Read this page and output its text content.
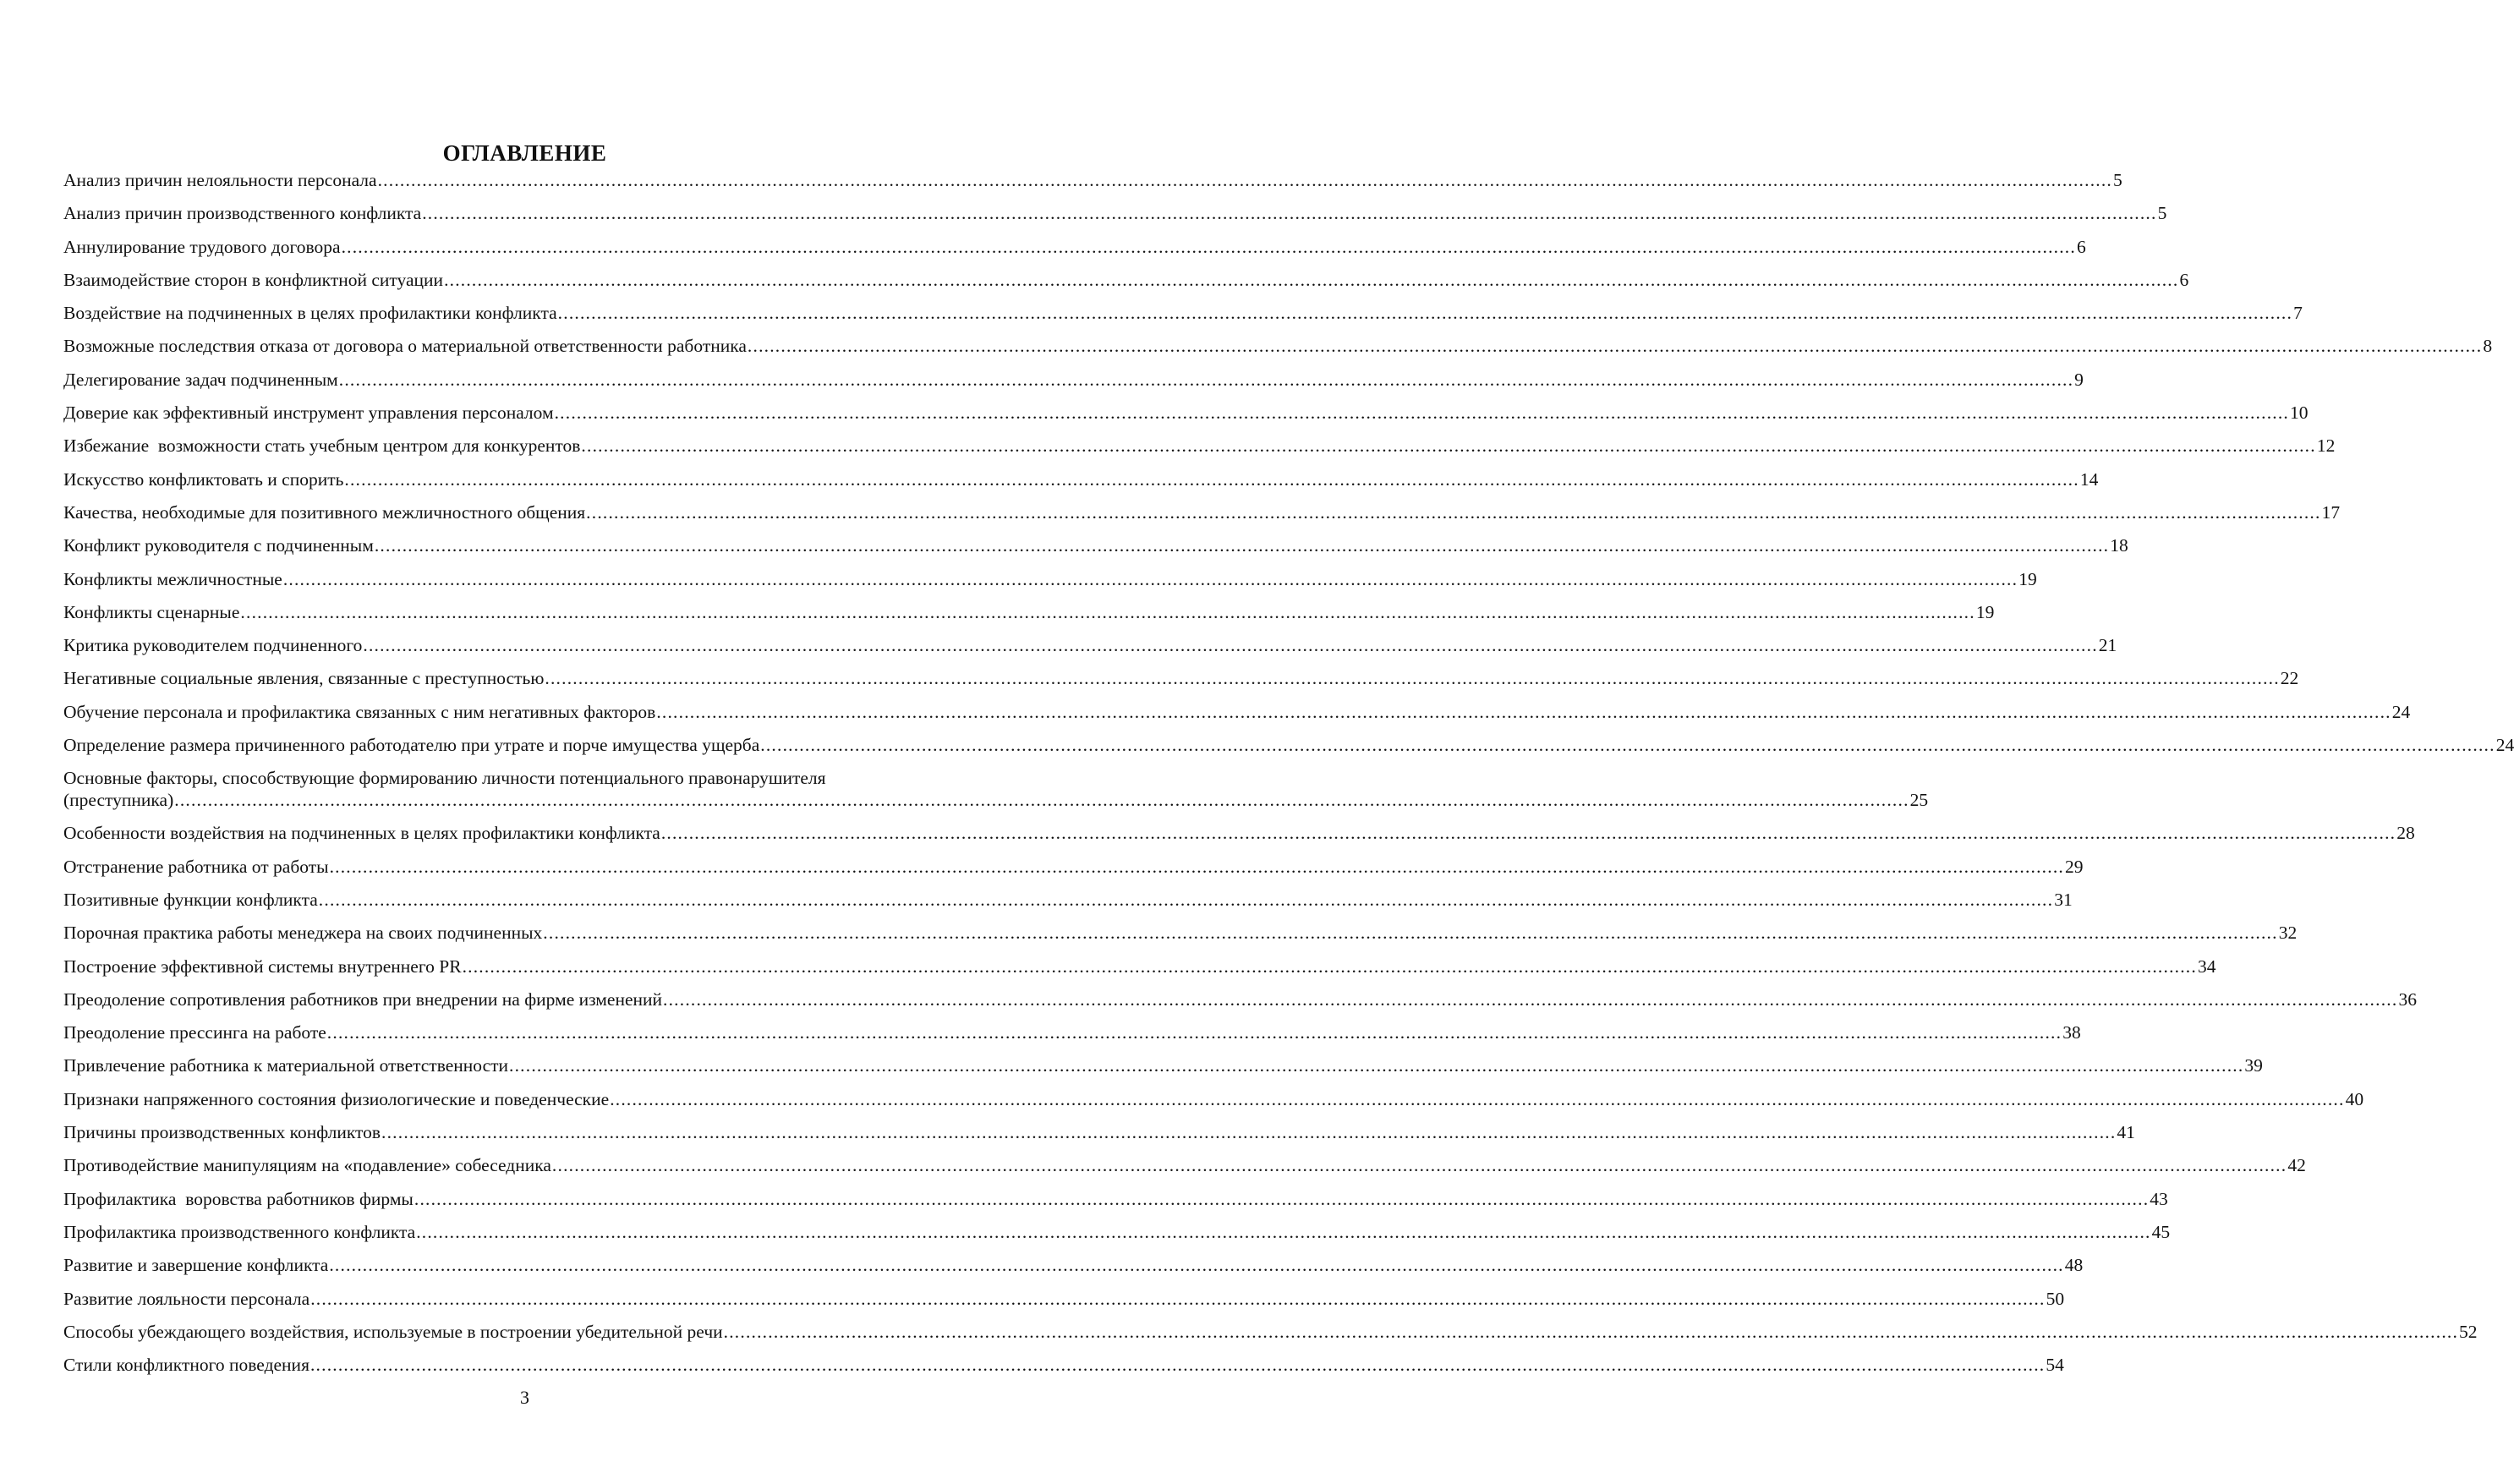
ОГЛАВЛЕНИЕ
Анализ причин нелояльности персонала .....	5
Анализ причин производственного конфликта .....	5
Аннулирование трудового договора .....	6
Взаимодействие сторон в конфликтной ситуации .....	6
Воздействие на подчиненных в целях профилактики конфликта .....	7
Возможные последствия отказа от договора о материальной ответственности работника .....	8
Делегирование задач подчиненным .....	9
Доверие как эффективный инструмент управления персоналом .....	10
Избежание  возможности стать учебным центром для конкурентов .....	12
Искусство конфликтовать и спорить .....	14
Качества, необходимые для позитивного межличностного общения .....	17
Конфликт руководителя с подчиненным .....	18
Конфликты межличностные .....	19
Конфликты сценарные .....	19
Критика руководителем подчиненного .....	21
Негативные социальные явления, связанные с преступностью .....	22
Обучение персонала и профилактика связанных с ним негативных факторов .....	24
Определение размера причиненного работодателю при утрате и порче имущества ущерба .....	24
Основные факторы, способствующие формированию личности потенциального правонарушителя
(преступника) .....	25
Особенности воздействия на подчиненных в целях профилактики конфликта .....	28
Отстранение работника от работы .....	29
Позитивные функции конфликта .....	31
Порочная практика работы менеджера на своих подчиненных .....	32
Построение эффективной системы внутреннего PR .....	34
Преодоление сопротивления работников при внедрении на фирме изменений .....	36
Преодоление прессинга на работе .....	38
Привлечение работника к материальной ответственности .....	39
Признаки напряженного состояния физиологические и поведенческие .....	40
Причины производственных конфликтов .....	41
Противодействие манипуляциям на «подавление» собеседника .....	42
Профилактика  воровства работников фирмы .....	43
Профилактика производственного конфликта .....	45
Развитие и завершение конфликта .....	48
Развитие лояльности персонала .....	50
Способы убеждающего воздействия, используемые в построении убедительной речи .....	52
Стили конфликтного поведения .....	54
3
